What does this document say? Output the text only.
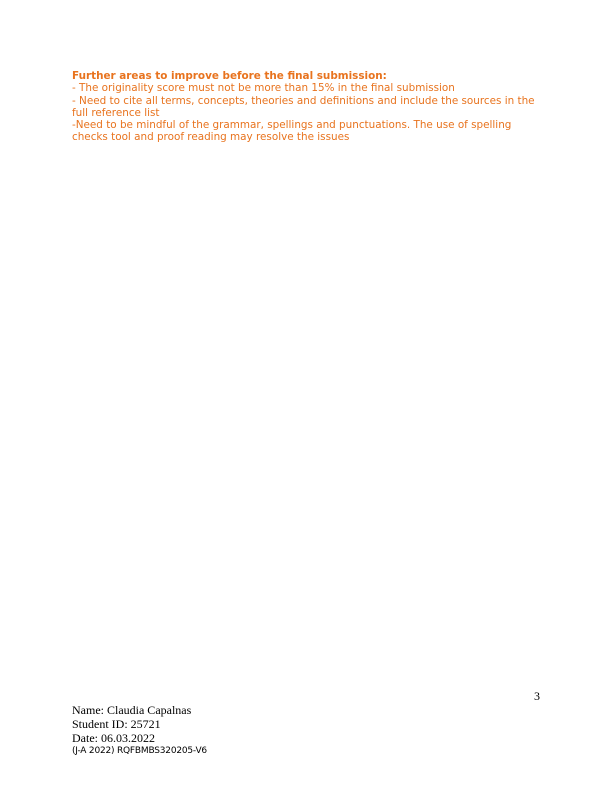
Further areas to improve before the final submission:

- The originality score must not be more than 15% in the final submission

- Need to cite all terms, concepts, theories and definitions and include the sources in the full reference list

-Need to be mindful of the grammar, spellings and punctuations. The use of spelling checks tool and proof reading may resolve the issues

3
Name: Claudia Capalnas
Student ID: 25721
Date: 06.03.2022
(J-A 2022) RQFBMBS320205-V6
